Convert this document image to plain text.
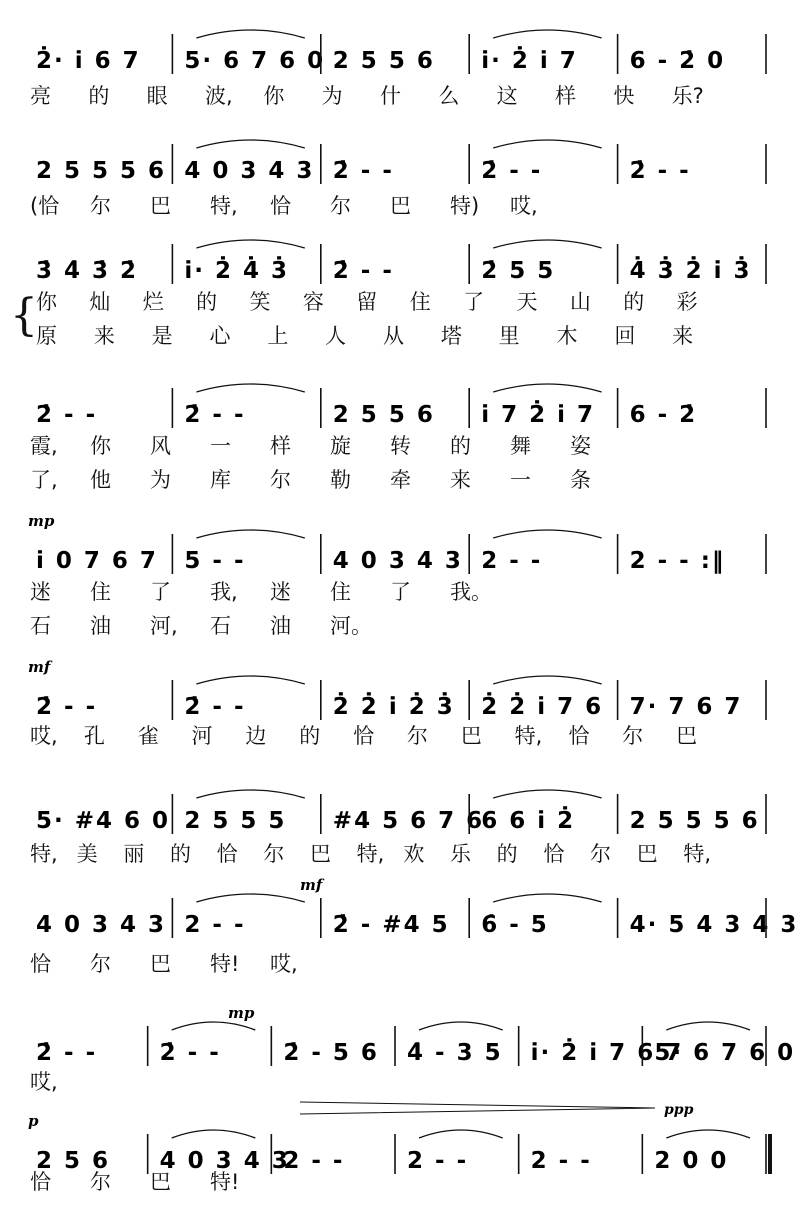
2̇· i̇ 6 7 5· 6 7 6 0 2 5 5 6 i̇· 2̇ i̇ 7 6 - 2̇ 0
2 5 5 5 6 4 0 3 4 3 2̇ - -	2̇ - -	2̇ - -
3̇ 4̇ 3̇ 2̇ i̇· 2̇ 4̇ 3̇ 2̇ - -	2̇ 5 5	4̇ 3̇ 2̇ i̇ 3̇
2̇ - -	2̇ - -	2 5 5 6 i̇ 7 2̇ i̇ 7 6 - 2̇
i̇ 0 7 6 7 5 - -	4 0 3 4 3 2 - -	2 - - :‖
mp
2̇ - -	2̇ - -	2̇ 2̇ i̇ 2̇ 3̇ 2̇ 2̇ i̇ 7 6 7· 7 6 7
mf
5· #4 6 0 2 5 5 5 #4 5 6 7 6
6 6 i̇ 2̇ 2 5 5 5 6
4 0 3 4 3 2 - -	2̇ - #4 5 6̇ - 5	4· 5 4 3 4 3
mf
2̇ - -	2̇ - -	2̇ - 5 6 4̇ - 3 5 i̇· 2̇ i̇ 7 6 7
5· 6 7 6 0
mp
ppp
2 5 6 4 0 3 4 3
2 - -	2 - -	2 - -	2 0 0
p
亮 的 眼 波, 你 为 什 么 这 样 快 乐?
(恰 尔 巴 特, 恰 尔 巴 特) 哎,
你 灿 烂 的 笑 容 留 住 了 天 山 的 彩
原 来 是 心 上 人 从 塔 里 木 回 来
{
霞, 你 风 一 样 旋 转 的 舞 姿
了, 他 为 库 尔 勒 牵 来 一 条
迷 住 了 我, 迷 住 了 我。
石 油 河, 石 油 河。
哎, 孔 雀 河 边 的 恰 尔 巴 特, 恰 尔 巴
特, 美 丽 的 恰 尔 巴 特, 欢 乐 的 恰 尔 巴 特,
恰 尔 巴 特! 哎,
哎,
恰 尔 巴 特!
